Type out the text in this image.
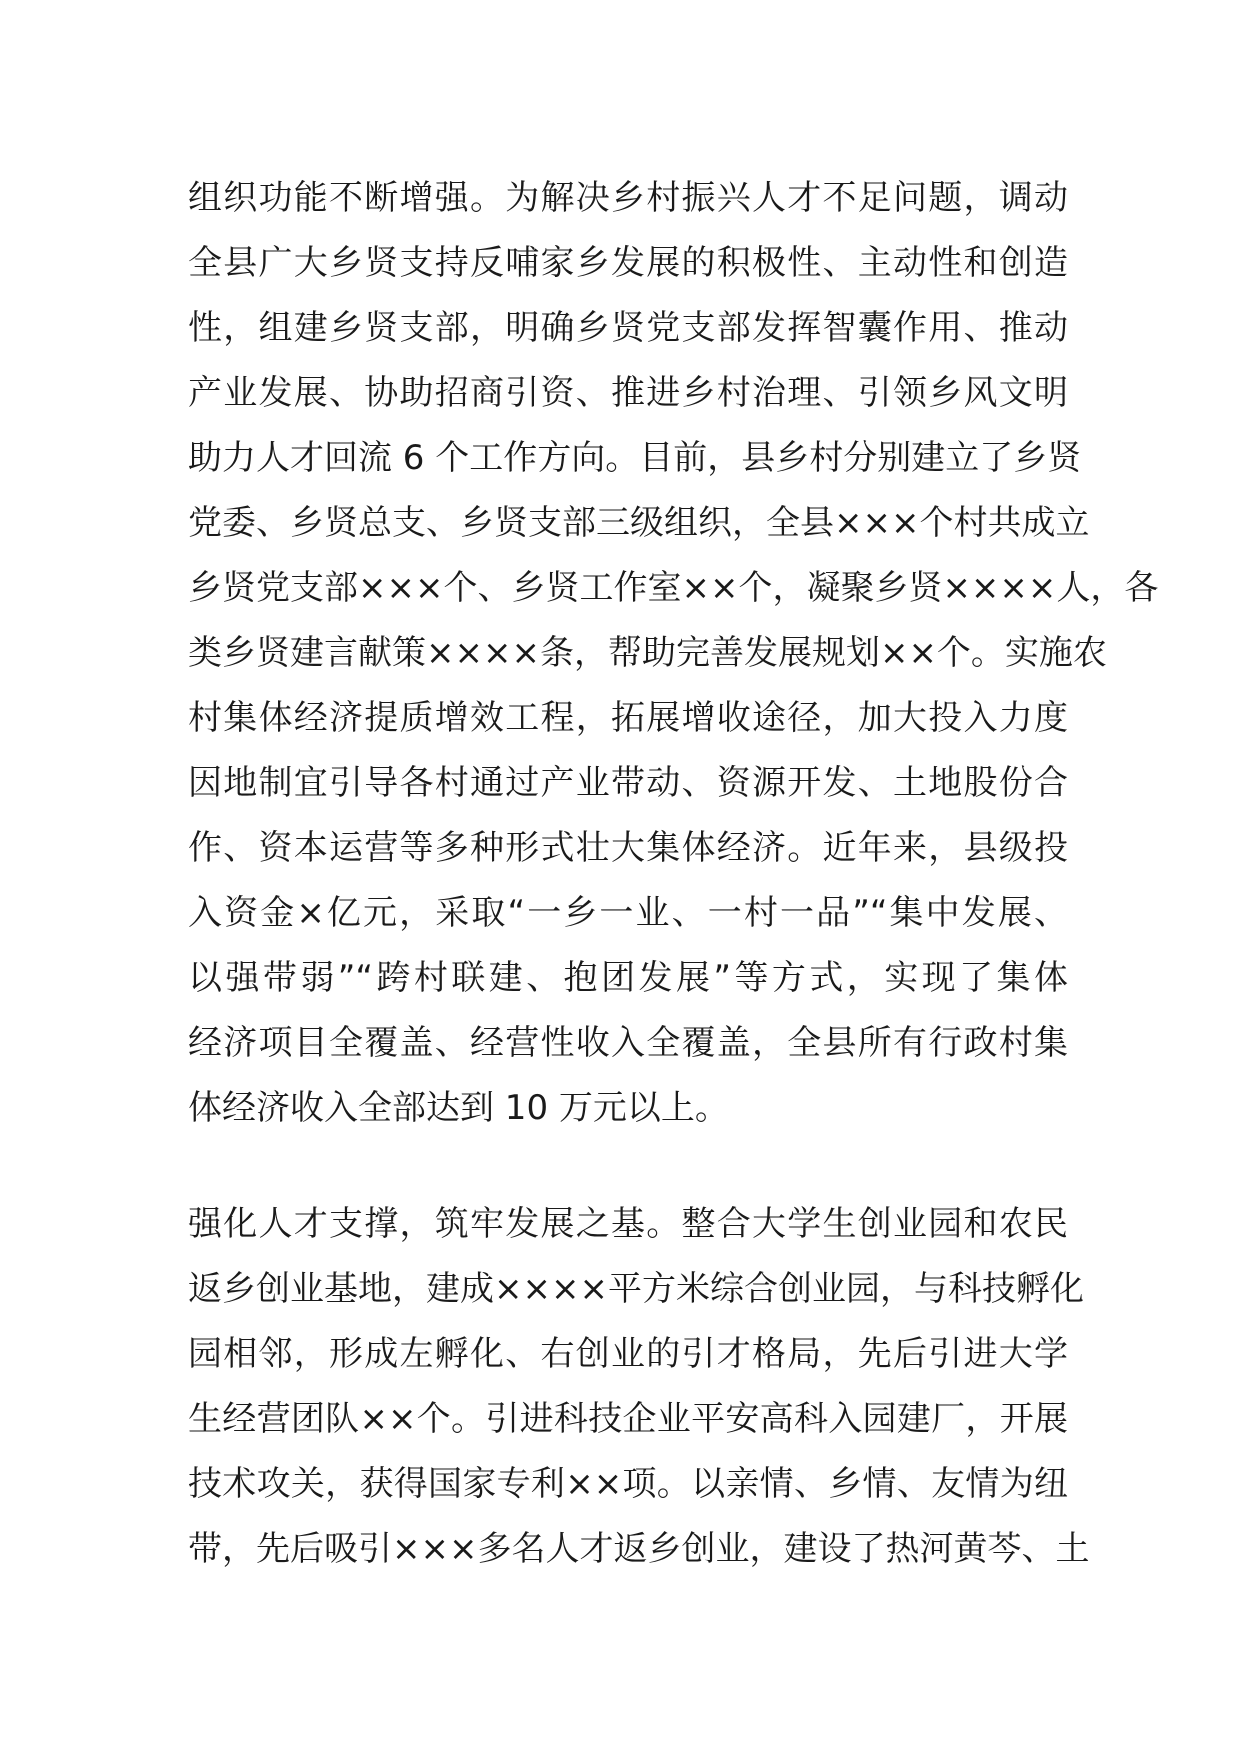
组织功能不断增强。为解决乡村振兴人才不足问题，调动
全县广大乡贤支持反哺家乡发展的积极性、主动性和创造
性，组建乡贤支部，明确乡贤党支部发挥智囊作用、推动
产业发展、协助招商引资、推进乡村治理、引领乡风文明
助力人才回流 6 个工作方向。目前，县乡村分别建立了乡贤
党委、乡贤总支、乡贤支部三级组织，全县×××个村共成立
乡贤党支部×××个、乡贤工作室××个，凝聚乡贤××××人，各
类乡贤建言献策××××条，帮助完善发展规划××个。实施农
村集体经济提质增效工程，拓展增收途径，加大投入力度
因地制宜引导各村通过产业带动、资源开发、土地股份合
作、资本运营等多种形式壮大集体经济。近年来，县级投
入资金×亿元，采取“一乡一业、一村一品”“集中发展、
以强带弱”“跨村联建、抱团发展”等方式，实现了集体
经济项目全覆盖、经营性收入全覆盖，全县所有行政村集
体经济收入全部达到 10 万元以上。
强化人才支撑，筑牢发展之基。整合大学生创业园和农民
返乡创业基地，建成××××平方米综合创业园，与科技孵化
园相邻，形成左孵化、右创业的引才格局，先后引进大学
生经营团队××个。引进科技企业平安高科入园建厂，开展
技术攻关，获得国家专利××项。以亲情、乡情、友情为纽
带，先后吸引×××多名人才返乡创业，建设了热河黄芩、土
